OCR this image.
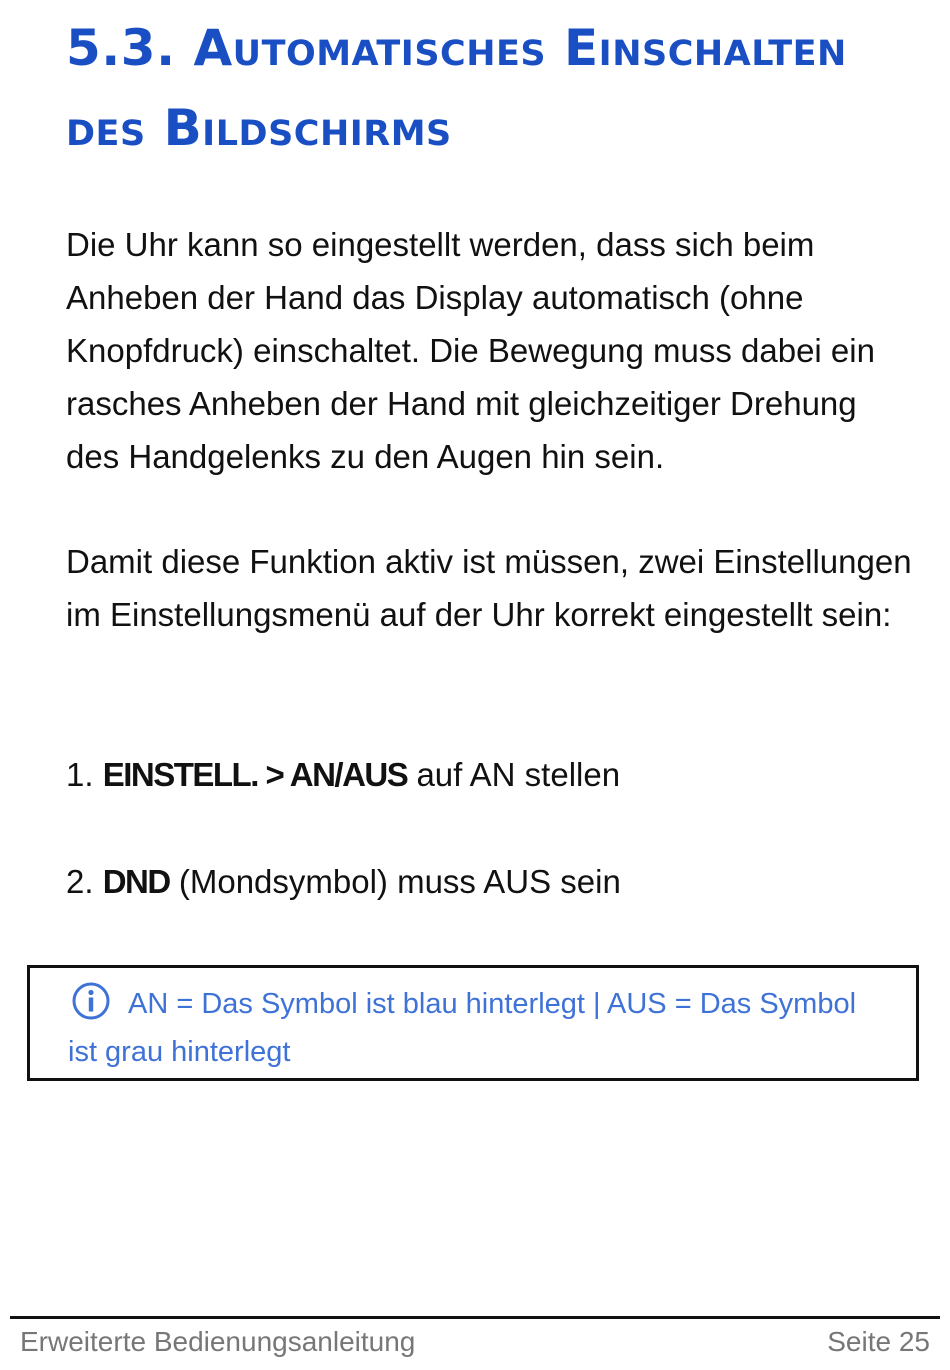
5.3. Automatisches Einschalten
des Bildschirms

Die Uhr kann so eingestellt werden, dass sich beim Anheben der Hand das Display automatisch (ohne Knopfdruck) einschaltet. Die Bewegung muss dabei ein rasches Anheben der Hand mit gleichzeitiger Drehung des Handgelenks zu den Augen hin sein.

Damit diese Funktion aktiv ist müssen, zwei Einstellungen im Einstellungsmenü auf der Uhr korrekt eingestellt sein:

1. EINSTELL. > AN/AUS auf AN stellen

2. DND (Mondsymbol) muss AUS sein

AN = Das Symbol ist blau hinterlegt | AUS = Das Symbol ist grau hinterlegt

Erweiterte Bedienungsanleitung	Seite 25
